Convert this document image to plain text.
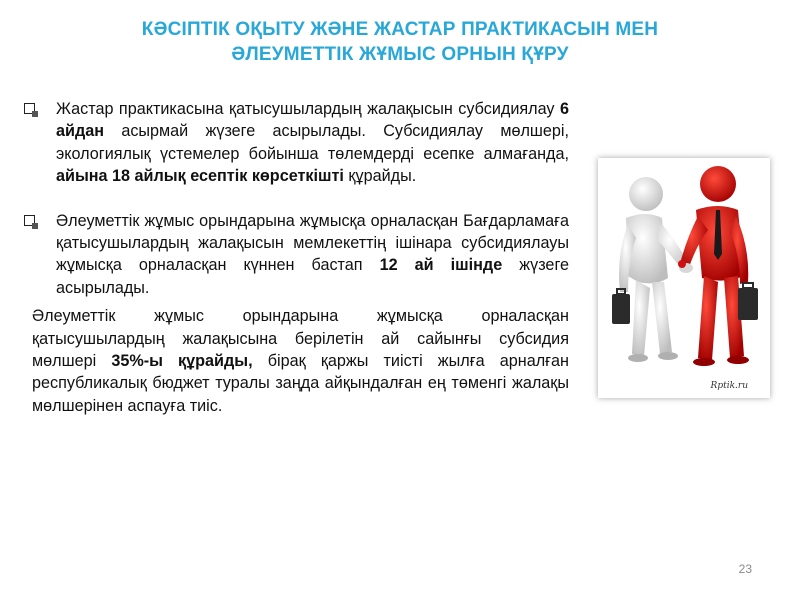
КӘСІПТІК ОҚЫТУ ЖӘНЕ ЖАСТАР ПРАКТИКАСЫН МЕН
ӘЛЕУМЕТТІК ЖҰМЫС ОРНЫН ҚҰРУ
Жастар практикасына қатысушылардың жалақысын субсидиялау 6 айдан асырмай жүзеге асырылады. Субсидиялау мөлшері, экологиялық үстемелер бойынша төлемдерді есепке алмағанда, айына 18 айлық есептік көрсеткішті құрайды.
Әлеуметтік жұмыс орындарына жұмысқа орналасқан Бағдарламаға қатысушылардың жалақысын мемлекеттің ішінара субсидиялауы жұмысқа орналасқан күннен бастап 12 ай ішінде жүзеге асырылады.
Әлеуметтік жұмыс орындарына жұмысқа орналасқан қатысушылардың жалақысына берілетін ай сайынғы субсидия мөлшері 35%-ы құрайды, бірақ қаржы тиісті жылға арналған республикалық бюджет туралы заңда айқындалған ең төменгі жалақы мөлшерінен аспауға тиіс.
Rptik.ru
23
